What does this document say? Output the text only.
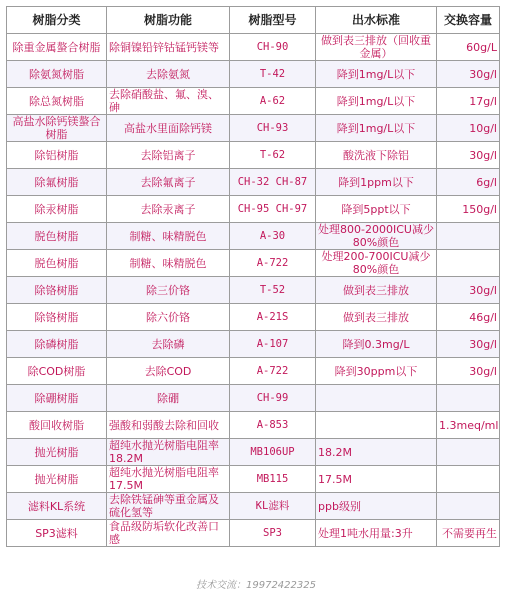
树脂分类	树脂功能	树脂型号	出水标准	交换容量
除重金属螯合树脂	除铜镍铅锌钴锰钙镁等	CH-90	做到表三排放（回收重金属）	60g/L
除氨氮树脂	去除氨氮	T-42	降到1mg/L以下	30g/l
除总氮树脂	去除硝酸盐、氟、溴、砷	A-62	降到1mg/L以下	17g/l
高盐水除钙镁螯合树脂	高盐水里面除钙镁	CH-93	降到1mg/L以下	10g/l
除铝树脂	去除铝离子	T-62	酸洗液下除铝	30g/l
除氟树脂	去除氟离子	CH-32 CH-87	降到1ppm以下	6g/l
除汞树脂	去除汞离子	CH-95 CH-97	降到5ppt以下	150g/l
脱色树脂	制糖、味精脱色	A-30	处理800-2000ICU减少80%颜色	
脱色树脂	制糖、味精脱色	A-722	处理200-700ICU减少80%颜色	
除铬树脂	除三价铬	T-52	做到表三排放	30g/l
除铬树脂	除六价铬	A-21S	做到表三排放	46g/l
除磷树脂	去除磷	A-107	降到0.3mg/L	30g/l
除COD树脂	去除COD	A-722	降到30ppm以下	30g/l
除硼树脂	除硼	CH-99		
酸回收树脂	强酸和弱酸去除和回收	A-853		1.3meq/ml
抛光树脂	超纯水抛光树脂电阻率18.2M	MB106UP	18.2M	
抛光树脂	超纯水抛光树脂电阻率17.5M	MB115	17.5M	
滤料KL系统	去除铁锰砷等重金属及硫化氢等	KL滤料	ppb级别	
SP3滤料	食品级防垢软化改善口感	SP3	处理1吨水用量:3升	不需要再生
技术交流：19972422325
